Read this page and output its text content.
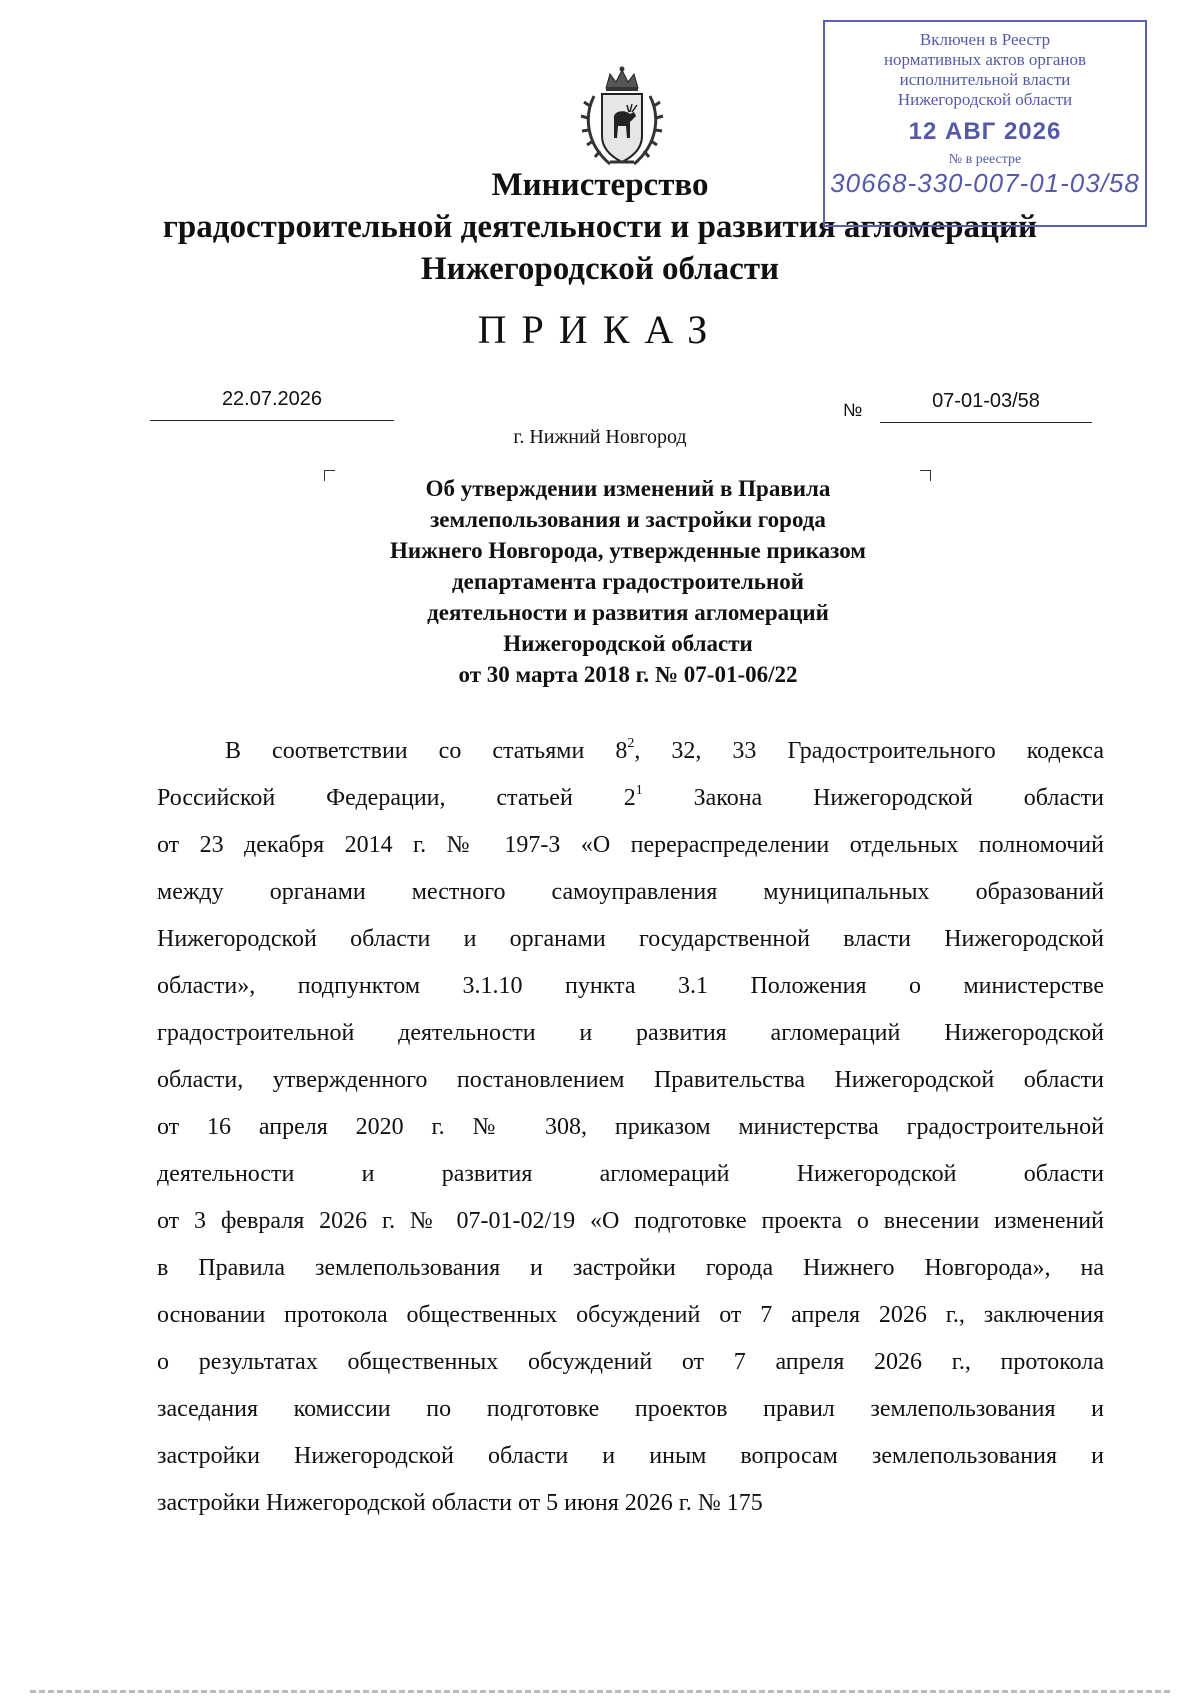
Министерство
градостроительной деятельности и развития агломераций
Нижегородской области
ПРИКАЗ
22.07.2026	№	07-01-03/58
г. Нижний Новгород
Об утверждении изменений в Правила
землепользования и застройки города
Нижнего Новгорода, утвержденные приказом
департамента градостроительной
деятельности и развития агломераций
Нижегородской области
от 30 марта 2018 г. № 07-01-06/22
В соответствии со статьями $8^2$, 32, 33 Градостроительного кодекса
Российской Федерации, статьей $2^1$ Закона Нижегородской области
от 23 декабря 2014 г. № 197-З «О перераспределении отдельных полномочий
между органами местного самоуправления муниципальных образований
Нижегородской области и органами государственной власти Нижегородской
области», подпунктом 3.1.10 пункта 3.1 Положения о министерстве
градостроительной деятельности и развития агломераций Нижегородской
области, утвержденного постановлением Правительства Нижегородской области
от 16 апреля 2020 г. № 308, приказом министерства градостроительной
деятельности и развития агломераций Нижегородской области
от 3 февраля 2026 г. № 07-01-02/19 «О подготовке проекта о внесении изменений
в Правила землепользования и застройки города Нижнего Новгорода», на
основании протокола общественных обсуждений от 7 апреля 2026 г., заключения
о результатах общественных обсуждений от 7 апреля 2026 г., протокола
заседания комиссии по подготовке проектов правил землепользования и
застройки Нижегородской области и иным вопросам землепользования и
застройки Нижегородской области от 5 июня 2026 г. № 175
Включен в Реестр
нормативных актов органов
исполнительной власти
Нижегородской области
12 АВГ 2026
№ в реестре
30668-330-007-01-03/58
